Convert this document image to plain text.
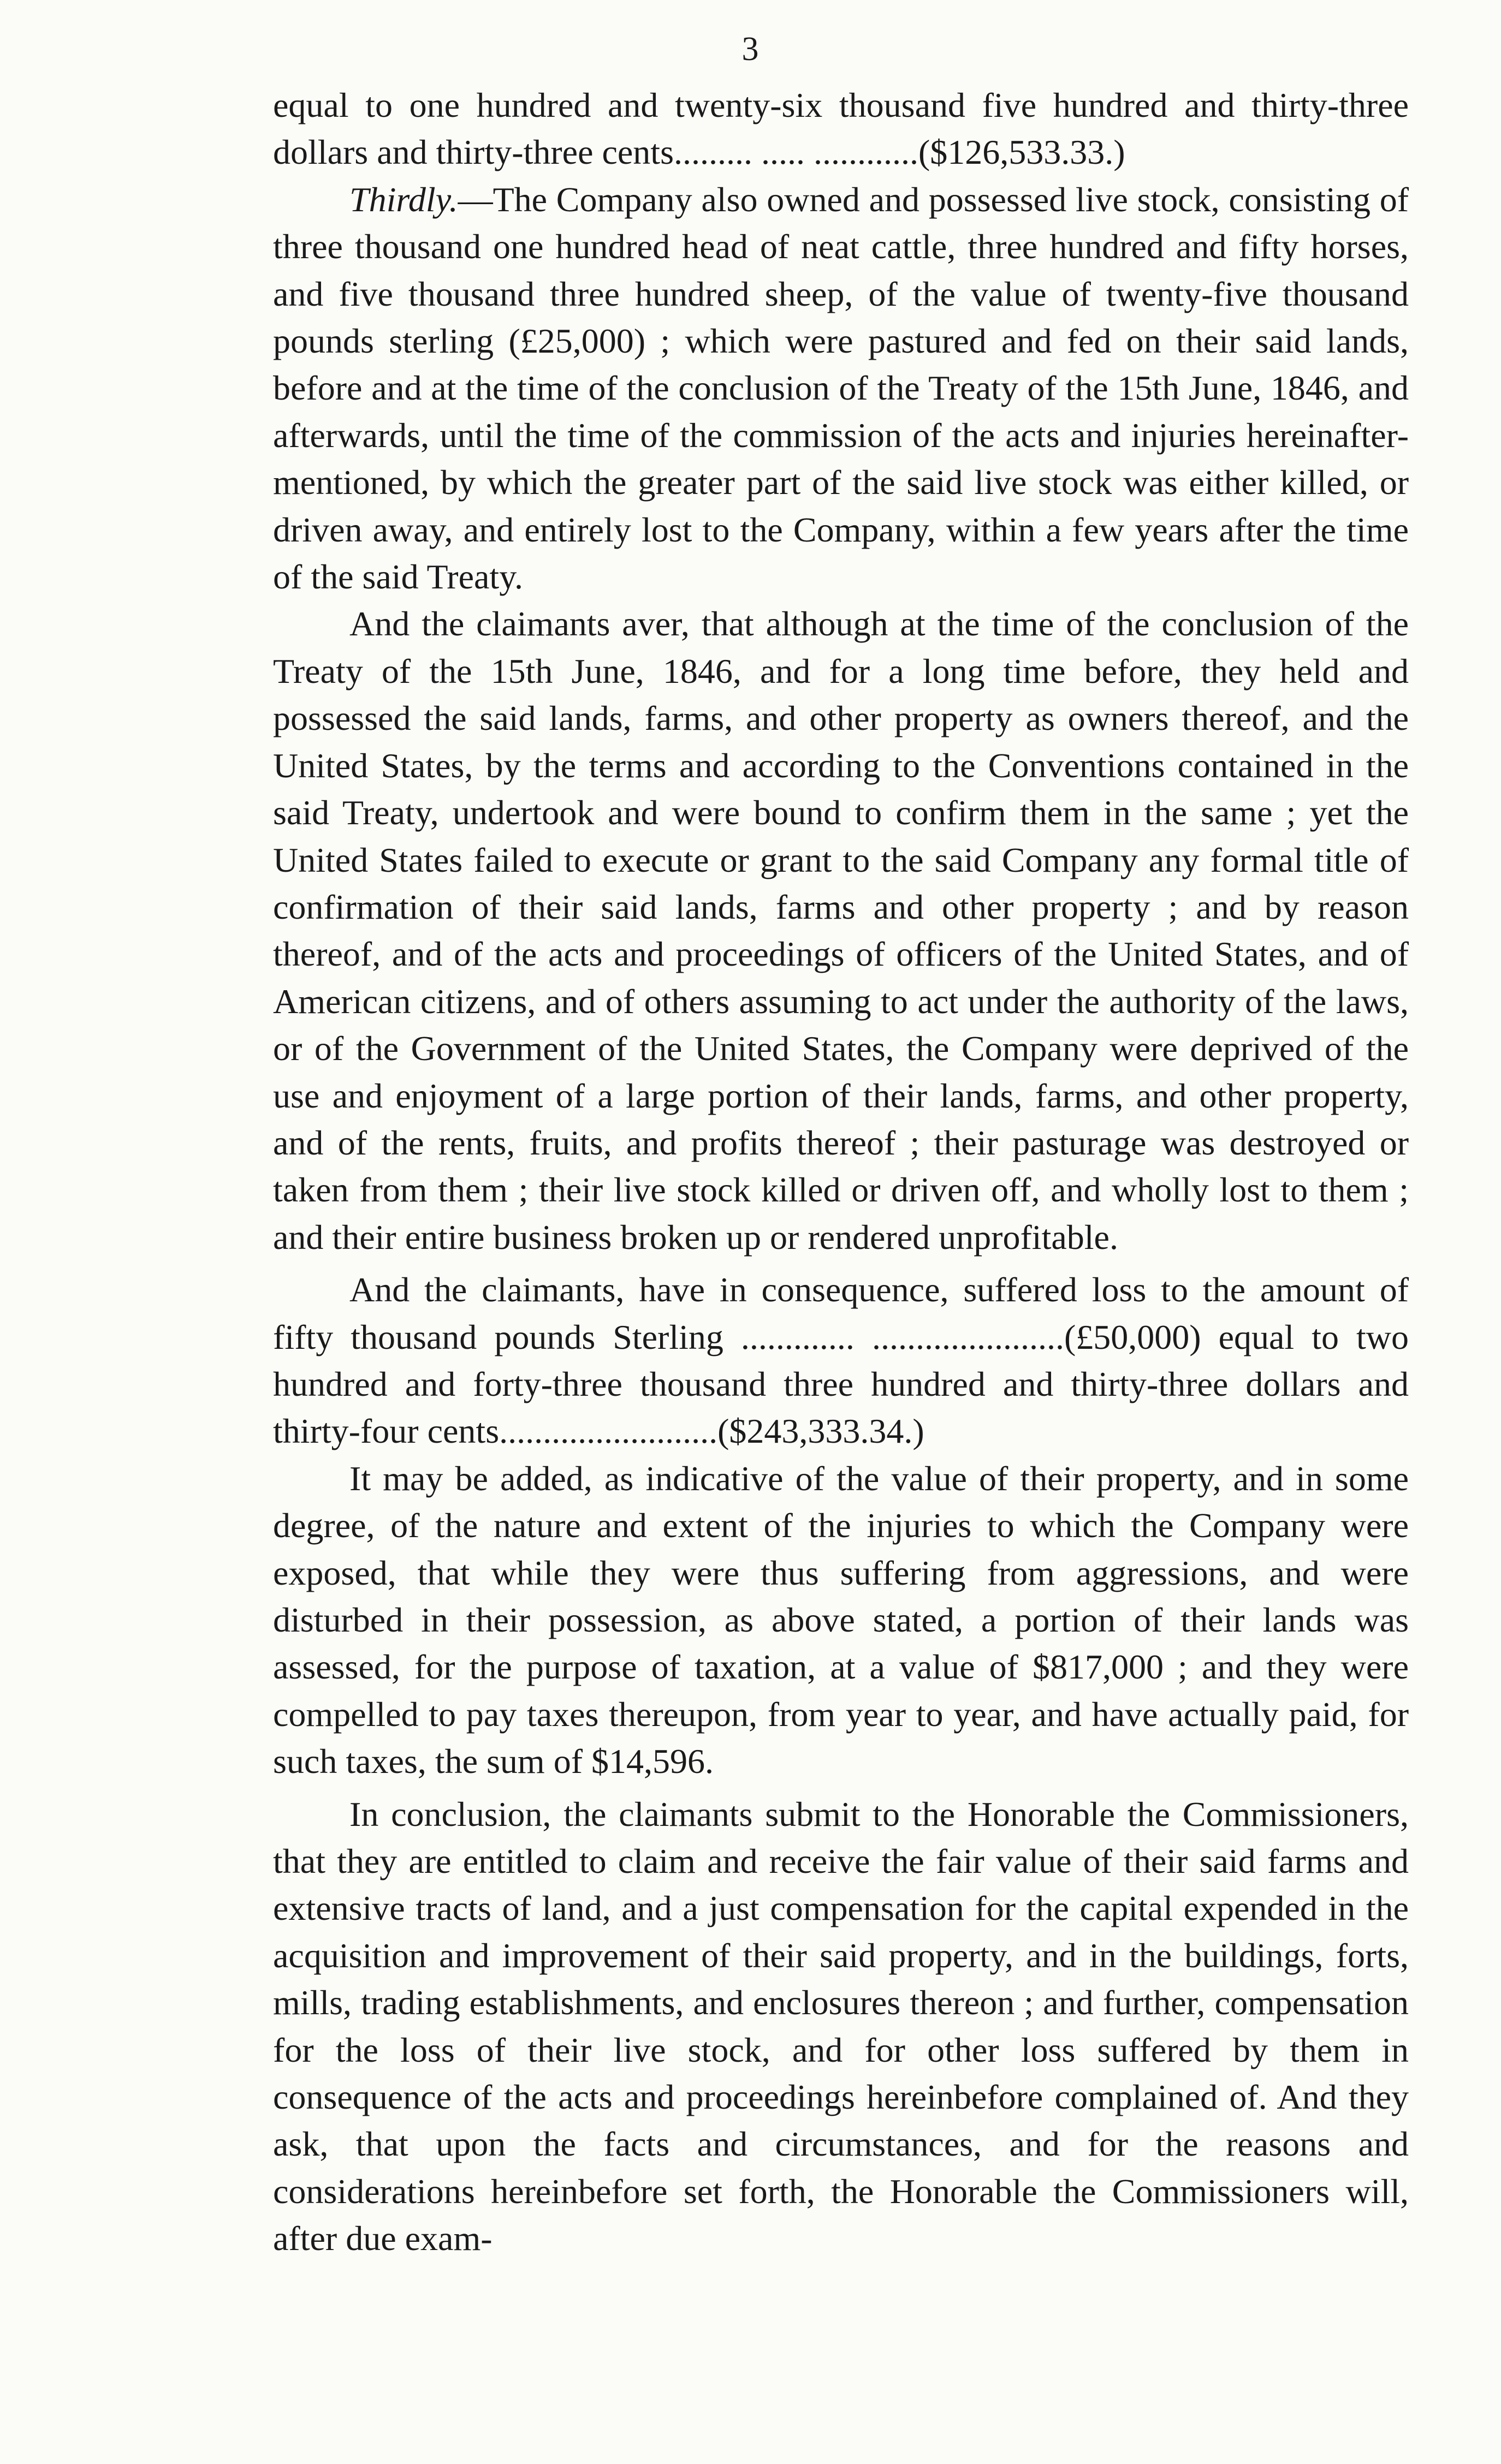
3

equal to one hundred and twenty-six thousand five hundred and thirty-three dollars and thirty-three cents......... ..... ............($126,533.33.)

Thirdly.—The Company also owned and possessed live stock, consisting of three thousand one hundred head of neat cattle, three hundred and fifty horses, and five thousand three hundred sheep, of the value of twenty-five thousand pounds sterling (£25,000) ; which were pastured and fed on their said lands, before and at the time of the conclusion of the Treaty of the 15th June, 1846, and afterwards, until the time of the commission of the acts and injuries hereinafter- mentioned, by which the greater part of the said live stock was either killed, or driven away, and entirely lost to the Company, within a few years after the time of the said Treaty.

And the claimants aver, that although at the time of the conclusion of the Treaty of the 15th June, 1846, and for a long time before, they held and possessed the said lands, farms, and other property as owners thereof, and the United States, by the terms and according to the Conventions contained in the said Treaty, undertook and were bound to confirm them in the same ; yet the United States failed to execute or grant to the said Company any formal title of confirmation of their said lands, farms and other property ; and by reason thereof, and of the acts and proceedings of officers of the United States, and of American citizens, and of others assuming to act under the authority of the laws, or of the Government of the United States, the Company were deprived of the use and enjoyment of a large portion of their lands, farms, and other property, and of the rents, fruits, and profits thereof ; their pasturage was destroyed or taken from them ; their live stock killed or driven off, and wholly lost to them ; and their entire business broken up or rendered unprofitable.

And the claimants, have in consequence, suffered loss to the amount of fifty thousand pounds Sterling ............. ......................(£50,000) equal to two hundred and forty-three thousand three hundred and thirty-three dollars and thirty-four cents.........................($243,333.34.)

It may be added, as indicative of the value of their property, and in some degree, of the nature and extent of the injuries to which the Company were exposed, that while they were thus suffering from aggressions, and were disturbed in their possession, as above stated, a portion of their lands was assessed, for the purpose of taxation, at a value of $817,000 ; and they were compelled to pay taxes thereupon, from year to year, and have actually paid, for such taxes, the sum of $14,596.

In conclusion, the claimants submit to the Honorable the Commissioners, that they are entitled to claim and receive the fair value of their said farms and extensive tracts of land, and a just compensation for the capital expended in the acquisition and improvement of their said property, and in the buildings, forts, mills, trading establishments, and enclosures thereon ; and further, compensation for the loss of their live stock, and for other loss suffered by them in consequence of the acts and proceedings hereinbefore complained of. And they ask, that upon the facts and circumstances, and for the reasons and considerations hereinbefore set forth, the Honorable the Commissioners will, after due exam-
